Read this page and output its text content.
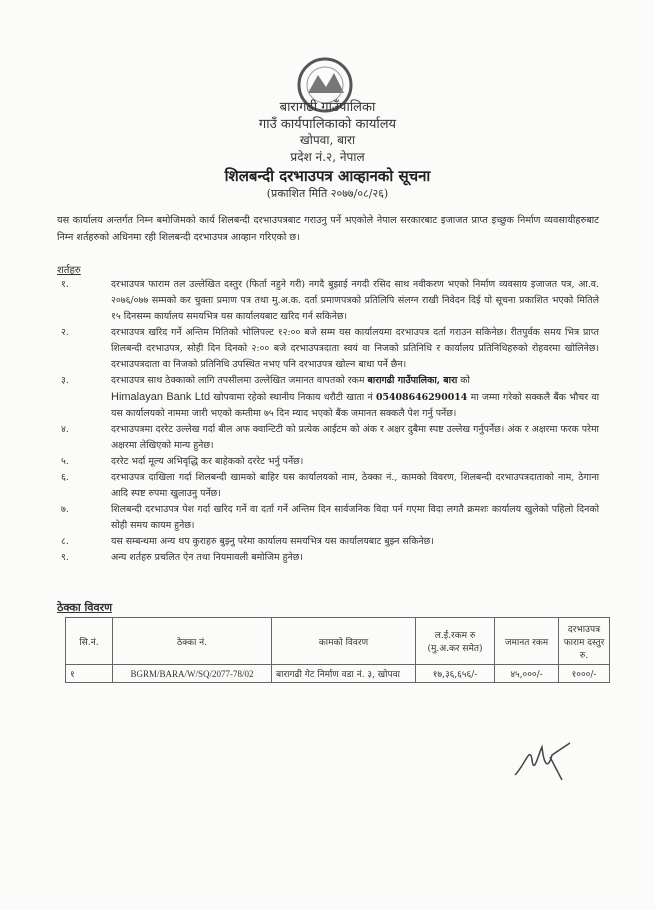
बारागढी गाउँपालिका
गाउँ कार्यपालिकाको कार्यालय
खोपवा, बारा
प्रदेश नं.२, नेपाल
शिलबन्दी दरभाउपत्र आव्हानको सूचना
(प्रकाशित मिति २०७७/०८/२६)
यस कार्यालय अन्तर्गत निम्न बमोजिमको कार्य शिलबन्दी दरभाउपत्रबाट गराउनु पर्ने भएकोले नेपाल सरकारबाट इजाजत प्राप्त इच्छुक निर्माण व्यवसायीहरुबाट निम्न शर्तहरुको अधिनमा रही शिलबन्दी दरभाउपत्र आव्हान गरिएको छ।
शर्तहरु
१.	दरभाउपत्र फाराम तल उल्लेखित दस्तुर (फिर्ता नहुने गरी) नगदै बुझाई नगदी रसिद साथ नवीकरण भएको निर्माण व्यवसाय इजाजत पत्र, आ.व. २०७६/०७७ सम्मको कर चुक्ता प्रमाण पत्र तथा मु.अ.क. दर्ता प्रमाणपत्रको प्रतिलिपि संलग्न राखी निवेदन दिई यो सूचना प्रकाशित भएको मितिले १५ दिनसम्म कार्यालय समयभित्र यस कार्यालयबाट खरिद गर्न सकिनेछ।
२.	दरभाउपत्र खरिद गर्ने अन्तिम मितिको भोलिपल्ट १२:०० बजे सम्म यस कार्यालयमा दरभाउपत्र दर्ता गराउन सकिनेछ। रीतपुर्वक समय भित्र प्राप्त शिलबन्दी दरभाउपत्र, सोही दिन दिनको २:०० बजे दरभाउपत्रदाता स्वयं वा निजको प्रतिनिधि र कार्यालय प्रतिनिधिहरुको रोहवरमा खोलिनेछ। दरभाउपत्रदाता वा निजको प्रतिनिधि उपस्थित नभए पनि दरभाउपत्र खोल्न बाधा पर्ने छैन।
३.	दरभाउपत्र साथ ठेक्काको लागि तपसीलमा उल्लेखित जमानत वापतको रकम बारागढी गाउँपालिका, बारा को
Himalayan Bank Ltd खोपवामा रहेको स्थानीय निकाय धरौटी खाता नं 05408646290014 मा जम्मा गरेको सक्कलै बैंक भौचर वा यस कार्यालयको नाममा जारी भएको कम्तीमा ७५ दिन म्याद भएको बैंक जमानत सक्कलै पेश गर्नु पर्नेछ।
४.	दरभाउपत्रमा दररेट उल्लेख गर्दा बील अफ क्वान्टिटी को प्रत्येक आईटम को अंक र अक्षर दुबैमा स्पष्ट उल्लेख गर्नुपर्नेछ। अंक र अक्षरमा फरक परेमा अक्षरमा लेखिएको मान्य हुनेछ।
५.	दररेट भर्दा मूल्य अभिवृद्धि कर बाहेकको दररेट भर्नु पर्नेछ।
६.	दरभाउपत्र दाखिला गर्दा शिलबन्दी खामको बाहिर यस कार्यालयको नाम, ठेक्का नं., कामको विवरण, शिलबन्दी दरभाउपत्रदाताको नाम, ठेगाना आदि स्पष्ट रुपमा खुलाउनु पर्नेछ।
७.	शिलबन्दी दरभाउपत्र पेश गर्दा खरिद गर्ने वा दर्ता गर्ने अन्तिम दिन सार्वजनिक विदा पर्न गएमा विदा लगतै क्रमशः कार्यालय खुलेको पहिलो दिनको सोही समय कायम हुनेछ।
८.	यस सम्बन्धमा अन्य थप कुराहरु बुझ्नु परेमा कार्यालय समयभित्र यस कार्यालयबाट बुझ्न सकिनेछ।
९.	अन्य शर्तहरु प्रचलित ऐन तथा नियमावली बमोजिम हुनेछ।
ठेक्का विवरण
सि.नं.	ठेक्का नं.	कामको विवरण	ल.ई.रकम रु (मु.अ.कर समेत)	जमानत रकम	दरभाउपत्र फाराम दस्तुर रु.
१	BGRM/BARA/W/SQ/2077-78/02	बारागढी गेट निर्माण वडा नं. ३, खोपवा	१७,३६,६५६/-	४५,०००/-	१०००/-
